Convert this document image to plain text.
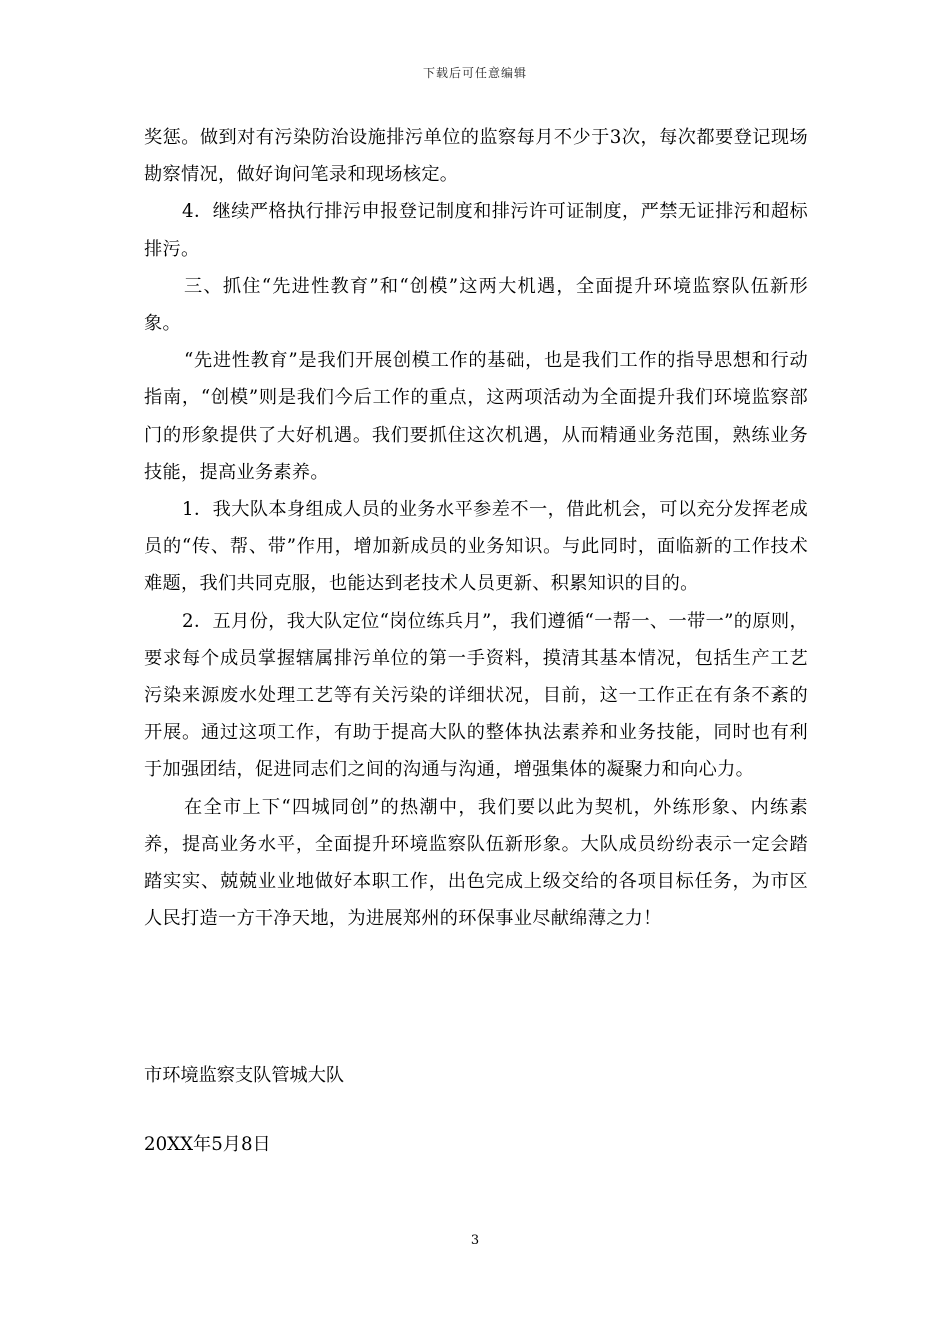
下载后可任意编辑

奖惩。做到对有污染防治设施排污单位的监察每月不少于3次，每次都要登记现场勘察情况，做好询问笔录和现场核定。

4．继续严格执行排污申报登记制度和排污许可证制度，严禁无证排污和超标排污。

三、抓住“先进性教育”和“创模”这两大机遇，全面提升环境监察队伍新形象。

“先进性教育”是我们开展创模工作的基础，也是我们工作的指导思想和行动指南，“创模”则是我们今后工作的重点，这两项活动为全面提升我们环境监察部门的形象提供了大好机遇。我们要抓住这次机遇，从而精通业务范围，熟练业务技能，提高业务素养。

1．我大队本身组成人员的业务水平参差不一，借此机会，可以充分发挥老成员的“传、帮、带”作用，增加新成员的业务知识。与此同时，面临新的工作技术难题，我们共同克服，也能达到老技术人员更新、积累知识的目的。

2．五月份，我大队定位“岗位练兵月”，我们遵循“一帮一、一带一”的原则，要求每个成员掌握辖属排污单位的第一手资料，摸清其基本情况，包括生产工艺污染来源废水处理工艺等有关污染的详细状况，目前，这一工作正在有条不紊的开展。通过这项工作，有助于提高大队的整体执法素养和业务技能，同时也有利于加强团结，促进同志们之间的沟通与沟通，增强集体的凝聚力和向心力。

在全市上下“四城同创”的热潮中，我们要以此为契机，外练形象、内练素养，提高业务水平，全面提升环境监察队伍新形象。大队成员纷纷表示一定会踏踏实实、兢兢业业地做好本职工作，出色完成上级交给的各项目标任务，为市区人民打造一方干净天地，为进展郑州的环保事业尽献绵薄之力！

市环境监察支队管城大队
20XX年5月8日
3
